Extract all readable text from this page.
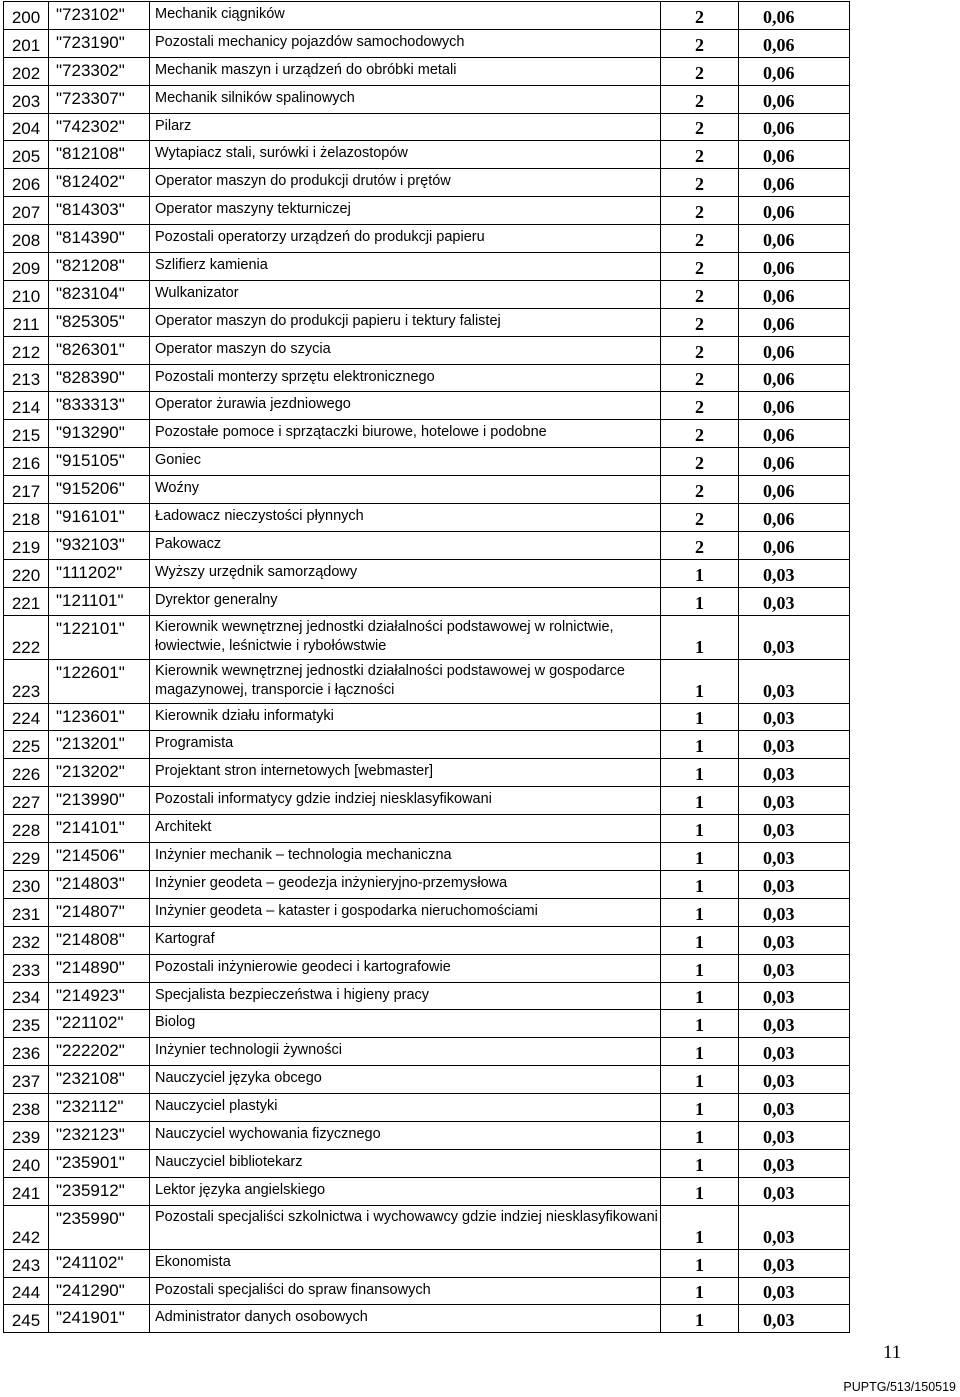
200	"723102"	Mechanik ciągników	2	0,06
201	"723190"	Pozostali mechanicy pojazdów samochodowych	2	0,06
202	"723302"	Mechanik maszyn i urządzeń do obróbki metali	2	0,06
203	"723307"	Mechanik silników spalinowych	2	0,06
204	"742302"	Pilarz	2	0,06
205	"812108"	Wytapiacz stali, surówki i żelazostopów	2	0,06
206	"812402"	Operator maszyn do produkcji drutów i prętów	2	0,06
207	"814303"	Operator maszyny tekturniczej	2	0,06
208	"814390"	Pozostali operatorzy urządzeń do produkcji papieru	2	0,06
209	"821208"	Szlifierz kamienia	2	0,06
210	"823104"	Wulkanizator	2	0,06
211	"825305"	Operator maszyn do produkcji papieru i tektury falistej	2	0,06
212	"826301"	Operator maszyn do szycia	2	0,06
213	"828390"	Pozostali monterzy sprzętu elektronicznego	2	0,06
214	"833313"	Operator żurawia jezdniowego	2	0,06
215	"913290"	Pozostałe pomoce i sprzątaczki biurowe, hotelowe i podobne	2	0,06
216	"915105"	Goniec	2	0,06
217	"915206"	Woźny	2	0,06
218	"916101"	Ładowacz nieczystości płynnych	2	0,06
219	"932103"	Pakowacz	2	0,06
220	"111202"	Wyższy urzędnik samorządowy	1	0,03
221	"121101"	Dyrektor generalny	1	0,03
222	"122101"	Kierownik wewnętrznej jednostki działalności podstawowej w rolnictwie, łowiectwie, leśnictwie i rybołówstwie	1	0,03
223	"122601"	Kierownik wewnętrznej jednostki działalności podstawowej w gospodarce magazynowej, transporcie i łączności	1	0,03
224	"123601"	Kierownik działu informatyki	1	0,03
225	"213201"	Programista	1	0,03
226	"213202"	Projektant stron internetowych [webmaster]	1	0,03
227	"213990"	Pozostali informatycy gdzie indziej niesklasyfikowani	1	0,03
228	"214101"	Architekt	1	0,03
229	"214506"	Inżynier mechanik – technologia mechaniczna	1	0,03
230	"214803"	Inżynier geodeta – geodezja inżynieryjno-przemysłowa	1	0,03
231	"214807"	Inżynier geodeta – kataster i gospodarka nieruchomościami	1	0,03
232	"214808"	Kartograf	1	0,03
233	"214890"	Pozostali inżynierowie geodeci i kartografowie	1	0,03
234	"214923"	Specjalista bezpieczeństwa i higieny pracy	1	0,03
235	"221102"	Biolog	1	0,03
236	"222202"	Inżynier technologii żywności	1	0,03
237	"232108"	Nauczyciel języka obcego	1	0,03
238	"232112"	Nauczyciel plastyki	1	0,03
239	"232123"	Nauczyciel wychowania fizycznego	1	0,03
240	"235901"	Nauczyciel bibliotekarz	1	0,03
241	"235912"	Lektor języka angielskiego	1	0,03
242	"235990"	Pozostali specjaliści szkolnictwa i wychowawcy gdzie indziej niesklasyfikowani	1	0,03
243	"241102"	Ekonomista	1	0,03
244	"241290"	Pozostali specjaliści do spraw finansowych	1	0,03
245	"241901"	Administrator danych osobowych	1	0,03
11
PUPTG/513/150519
